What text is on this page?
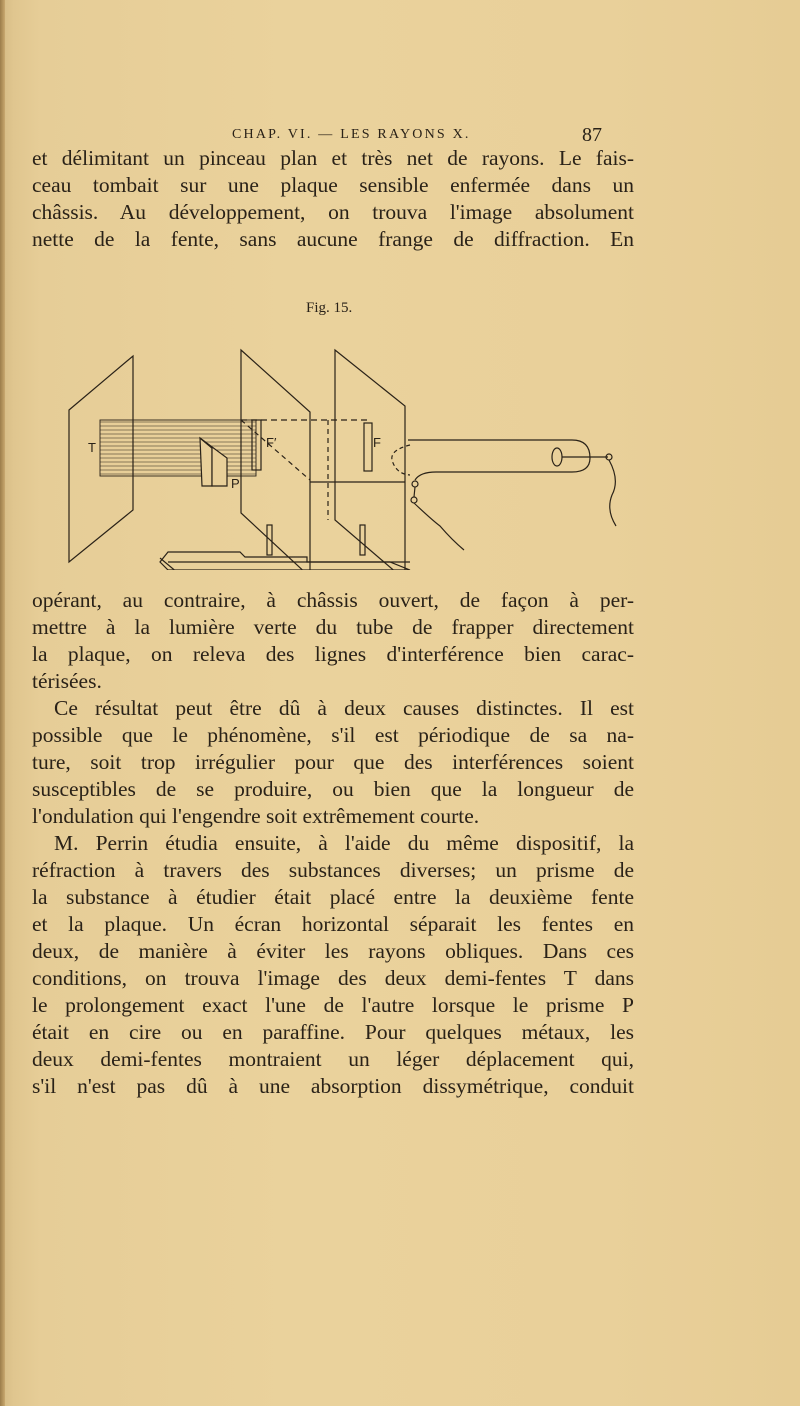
CHAP. VI. — LES RAYONS X.	87
et délimitant un pinceau plan et très net de rayons. Le fais-
ceau tombait sur une plaque sensible enfermée dans un
châssis. Au développement, on trouva l'image absolument
nette de la fente, sans aucune frange de diffraction. En
Fig. 15.
T
P
F′	F
opérant, au contraire, à châssis ouvert, de façon à per-
mettre à la lumière verte du tube de frapper directement
la plaque, on releva des lignes d'interférence bien carac-
térisées.
Ce résultat peut être dû à deux causes distinctes. Il est
possible que le phénomène, s'il est périodique de sa na-
ture, soit trop irrégulier pour que des interférences soient
susceptibles de se produire, ou bien que la longueur de
l'ondulation qui l'engendre soit extrêmement courte.
M. Perrin étudia ensuite, à l'aide du même dispositif, la
réfraction à travers des substances diverses; un prisme de
la substance à étudier était placé entre la deuxième fente
et la plaque. Un écran horizontal séparait les fentes en
deux, de manière à éviter les rayons obliques. Dans ces
conditions, on trouva l'image des deux demi-fentes T dans
le prolongement exact l'une de l'autre lorsque le prisme P
était en cire ou en paraffine. Pour quelques métaux, les
deux demi-fentes montraient un léger déplacement qui,
s'il n'est pas dû à une absorption dissymétrique, conduit
